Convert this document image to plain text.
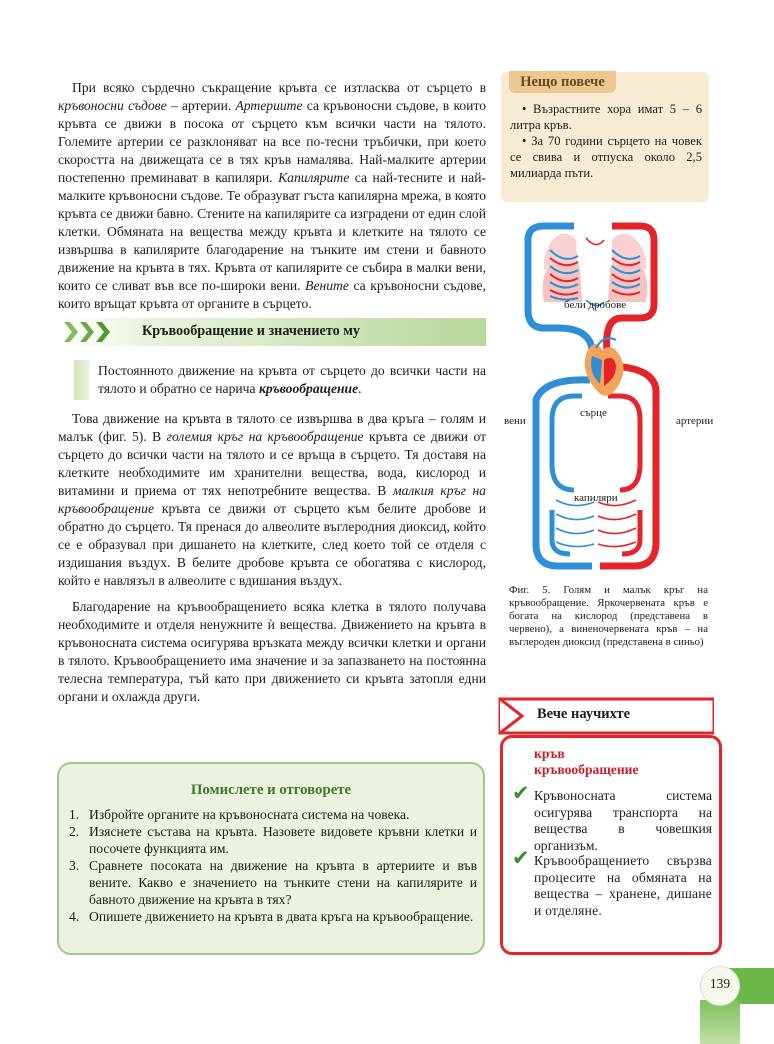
При всяко сърдечно съкращение кръвта се изтласква от сърцето в кръвоносни съдове – артерии. Артериите са кръвоносни съдове, в които кръвта се движи в посока от сърцето към всички части на тялото. Големите артерии се разклоняват на все по-тесни тръбички, при което скоростта на движещата се в тях кръв намалява. Най-малките артерии постепенно преминават в капиляри. Капилярите са най-тесните и най-малките кръвоносни съдове. Те образуват гъста капилярна мрежа, в която кръвта се движи бавно. Стените на капилярите са изградени от един слой клетки. Обмяната на вещества между кръвта и клетките на тялото се извършва в капилярите благодарение на тънките им стени и бавното движение на кръвта в тях. Кръвта от капилярите се събира в малки вени, които се сливат във все по-широки вени. Вените са кръвоносни съдове, които връщат кръвта от органите в сърцето.

Кръвообращение и значението му
Постоянното движение на кръвта от сърцето до всички части на тялото и обратно се нарича кръвообращение.

Това движение на кръвта в тялото се извършва в два кръга – голям и малък (фиг. 5). В големия кръг на кръвообращение кръвта се движи от сърцето до всички части на тялото и се връща в сърцето. Тя доставя на клетките необходимите им хранителни вещества, вода, кислород и витамини и приема от тях непотребните вещества. В малкия кръг на кръвообращение кръвта се движи от сърцето към белите дробове и обратно до сърцето. Тя пренася до алвеолите въглеродния диоксид, който се е образувал при дишането на клетките, след което той се отделя с издишания въздух. В белите дробове кръвта се обогатява с кислород, който е навлязъл в алвеолите с вдишания въздух.

Благодарение на кръвообращението всяка клетка в тялото получава необходимите и отделя ненужните ѝ вещества. Движението на кръвта в кръвоносната система осигурява връзката между всички клетки и органи в тялото. Кръвообращението има значение и за запазването на постоянна телесна температура, тъй като при движението си кръвта затопля едни органи и охлажда други.

Нещо повече
• Възрастните хора имат 5 – 6 литра кръв.
• За 70 години сърцето на човек се свива и отпуска около 2,5 милиарда пъти.
бели дробове
сърце
вени	артерии
капиляри
Фиг. 5. Голям и малък кръг на кръвообращение. Яркочервената кръв е богата на кислород (представена в червено), а виненочервената кръв – на въглероден диоксид (представена в синьо)
Помислете и отговорете
1. Избройте органите на кръвоносната система на човека.
2. Изяснете състава на кръвта. Назовете видовете кръвни клетки и посочете функцията им.
3. Сравнете посоката на движение на кръвта в артериите и във вените. Какво е значението на тънките стени на капилярите и бавното движение на кръвта в тях?
4. Опишете движението на кръвта в двата кръга на кръвообращение.
Вече научихте
кръв
кръвообращение
✔ Кръвоносната система осигурява транспорта на вещества в човешкия организъм.
✔ Кръвообращението свързва процесите на обмяната на вещества – хранене, дишане и отделяне.
139
